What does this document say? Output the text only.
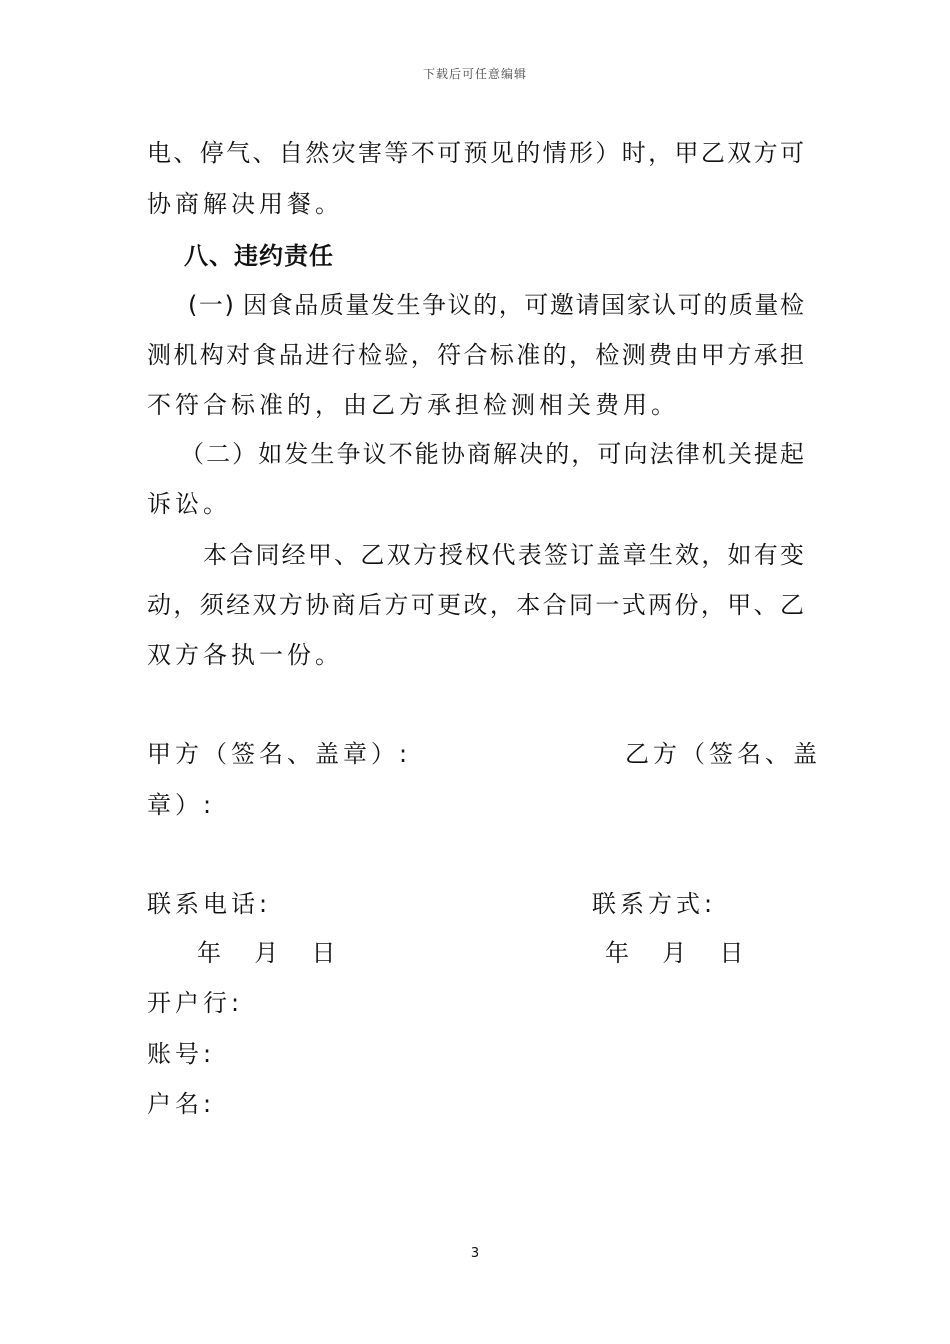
下载后可任意编辑
电、停气、自然灾害等不可预见的情形）时，甲乙双方可
协商解决用餐。
八、违约责任
(一) 因食品质量发生争议的，可邀请国家认可的质量检
测机构对食品进行检验，符合标准的，检测费由甲方承担
不符合标准的，由乙方承担检测相关费用。
（二）如发生争议不能协商解决的，可向法律机关提起
诉讼。
本合同经甲、乙双方授权代表签订盖章生效，如有变
动，须经双方协商后方可更改，本合同一式两份，甲、乙
双方各执一份。
甲方（签名、盖章）:	乙方（签名、盖
章）:
联系电话:	联系方式:
年  月  日	年  月  日
开户行:
账号:
户名:
3
